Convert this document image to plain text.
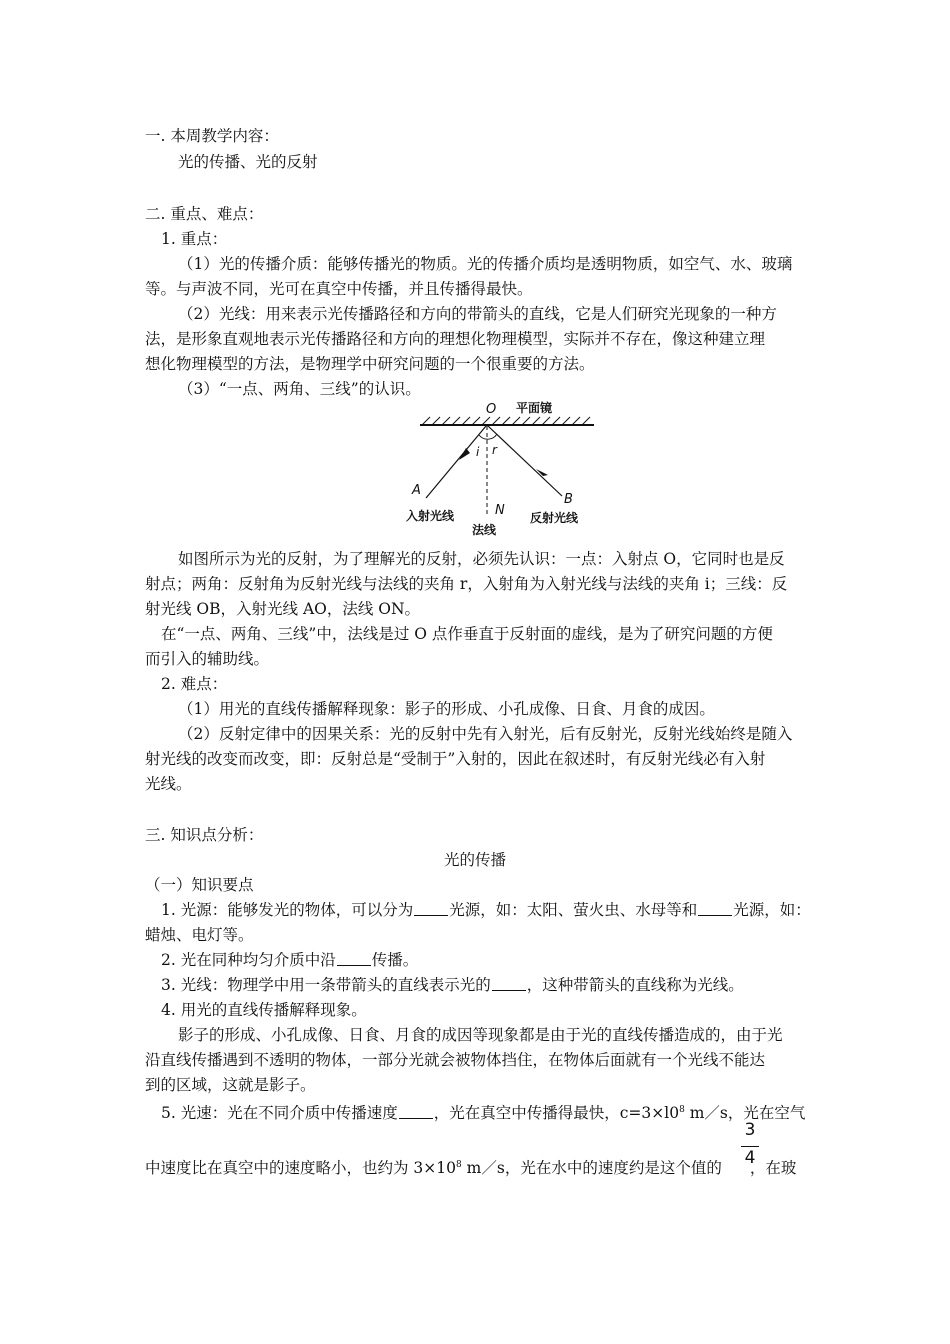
一. 本周教学内容：
光的传播、光的反射
二. 重点、难点：
1. 重点：
（1）光的传播介质：能够传播光的物质。光的传播介质均是透明物质，如空气、水、玻璃
等。与声波不同，光可在真空中传播，并且传播得最快。
（2）光线：用来表示光传播路径和方向的带箭头的直线，它是人们研究光现象的一种方
法，是形象直观地表示光传播路径和方向的理想化物理模型，实际并不存在，像这种建立理
想化物理模型的方法，是物理学中研究问题的一个很重要的方法。
（3）“一点、两角、三线”的认识。
O 平面镜
i r
A
N
B
入射光线
法线
反射光线
如图所示为光的反射，为了理解光的反射，必须先认识：一点：入射点 O，它同时也是反
射点；两角：反射角为反射光线与法线的夹角 r，入射角为入射光线与法线的夹角 i；三线：反
射光线 OB，入射光线 AO，法线 ON。
在“一点、两角、三线”中，法线是过 O 点作垂直于反射面的虚线，是为了研究问题的方便
而引入的辅助线。
2. 难点：
（1）用光的直线传播解释现象：影子的形成、小孔成像、日食、月食的成因。
（2）反射定律中的因果关系：光的反射中先有入射光，后有反射光，反射光线始终是随入
射光线的改变而改变，即：反射总是“受制于”入射的，因此在叙述时，有反射光线必有入射
光线。
三. 知识点分析：
光的传播
（一）知识要点
1. 光源：能够发光的物体，可以分为 光源，如：太阳、萤火虫、水母等和 光源，如：
蜡烛、电灯等。
2. 光在同种均匀介质中沿 传播。
3. 光线：物理学中用一条带箭头的直线表示光的 ，这种带箭头的直线称为光线。
4. 用光的直线传播解释现象。
影子的形成、小孔成像、日食、月食的成因等现象都是由于光的直线传播造成的，由于光
沿直线传播遇到不透明的物体，一部分光就会被物体挡住，在物体后面就有一个光线不能达
到的区域，这就是影子。
5. 光速：光在不同介质中传播速度 ，光在真空中传播得最快，$c=3\times l0^8$ m／s，光在空气
3
4
中速度比在真空中的速度略小，也约为 $3\times 10^8$ m／s，光在水中的速度约是这个值的 ，在玻
